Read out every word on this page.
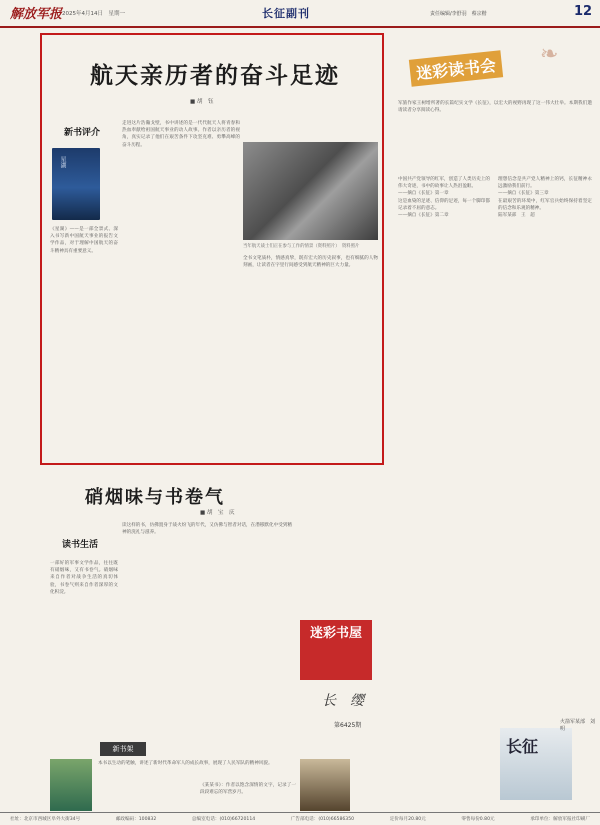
解放军报 2025年4月14日　星期一	长征副刊	责任编辑/李舒羽　蔡宗楷	12
航天亲历者的奋斗足迹
■ 胡　钰
新书评介
星湖
当年航天战士们正在参与工作的情景（资料照片）　 资料照片
《星湖》——是一部全景式、深入书写新中国航天事业的报告文学作品，对于理解中国航天的奋斗精神具有重要意义。
走进这片浩瀚戈壁，书中讲述的是一代代航天人将青春和热血奉献给祖国航天事业的动人故事。作者以亲历者的视角，真实记录了他们在艰苦条件下攻坚克难、勇攀高峰的奋斗历程。
全书文笔质朴，情感真挚，既有宏大的历史叙事，也有细腻的人物刻画，让读者在字里行间感受到航天精神的巨大力量。
硝烟味与书卷气
■ 胡　宝　庆
读书生活
一部好的军事文学作品，往往既有硝烟味，又有书卷气。硝烟味来自作者对战争生活的真切体验，书卷气则来自作者深厚的文化积淀。
读这样的书，仿佛置身于战火纷飞的年代，又仿佛与智者对话，在潜移默化中受到精神的洗礼与滋养。
迷彩书屋
长　缨
第6425期
新书架
本书以生动的笔触，讲述了新时代革命军人的成长故事，展现了人民军队的精神风貌。
《某某书》：作者以饱含深情的文字，记录了一段段难忘的军营岁月。
迷彩读书会
❧
军旅作家王树增所著的长篇纪实文学《长征》，以宏大的视野再现了这一伟大壮举。本期我们邀请读者分享阅读心得。
中国共产党领导的红军，创造了人类历史上的伟大奇迹，书中的故事让人热泪盈眶。
——摘自《长征》第一章
这是血染的足迹、信仰的足迹，每一个脚印都记录着不屈的意志。
——摘自《长征》第二章
理想信念是共产党人精神上的钙，长征精神永远激励我们前行。
——摘自《长征》第三章
在最艰苦的环境中，红军官兵始终保持着坚定的信念和乐观的精神。
陆军某部　王　超
长征
火箭军某部　刘　明
社址：北京市西城区阜外大街34号	邮政编码：100832	总编室电话：(010)66720114	广告部电话：(010)66586350	定价每月20.80元	零售每份0.80元	承印单位：解放军报社印刷厂
